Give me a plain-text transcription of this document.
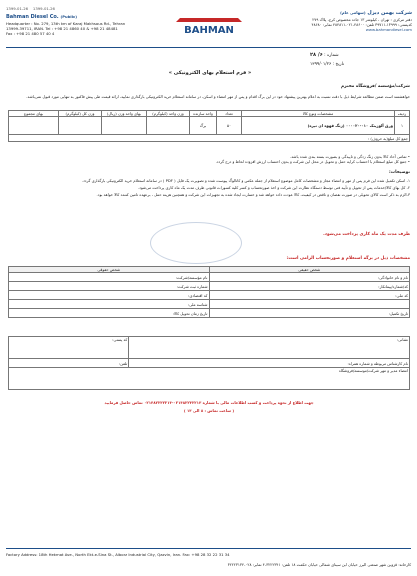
1399-01-26 1399-01-26
شرکت بهمن دیزل (سهامی عام)
دفتر مرکزی : تهران ، کیلومتر ۱۳ جاده مخصوص کرج، پلاک ۲۷۹
کدپستی: ۱۳۹۹۹-۳۹۷۱۱ تلفن: ۴۸۶۰۰-۰۲۱-۴۸۴۸۱۱ نمابر: ۴۸۶۸۰
www.bahmandiesel.com
BAHMAN
Bahman Diesel Co. (Public)
Headquarter : No. 279, 13th km of Karaj Makhsous Rd., Tehran
13999-39711, IRAN. Tel : +98 21 4860 40 & +98 21 48481
Fax : +98 21 480 57 40 4
شماره : ۶/ ۲۸
تاریخ : ۱۳۹۹/۰۱/۲۶
« فرم استعلام بهای الکترونیکی »
شرکت/مؤسسه /فروشگاه محترم
خواهشمند است ضمن مطالعه شرایط ذیل با دقت نسبت به اعلام بهترین پیشنهاد خود در این برگ اقدام و پس از مهر امضاء و اسکن، در سامانه استعلام خرید الکترونیکی بارگذاری نمایید، ارائه قیمت طی پیش فاکتور به تنهایی مورد قبول نمی‌باشد.
ردیف	مشخصات ونوع کالا	تعداد	واحد سازنده	وزن واحد (کیلوگرم)	بهای واحد وزن (ریال)	وزن کل (کیلوگرم)	بهای مجموع
۱	ورق آلوزینک ۰۱۰-۰۰۰۰۲۰ (زنگ قهوه ای تیره)	۵۰	برگ				
جمع کل مبلغ(به حروف) :							
• تمامی آحاد کالا بدون زنگ زدگی و تاپیدگی و بصورت بسته بندی شده باشد.
• جمع کل مبلغ استعلام با احتساب کرایه حمل و تحویل در محل این شرکت و بدون احتساب ارزش افزوده لحاظ و درج گردد.
توضیحات:
۱- اسکن تکمیل شده این فرم پس از مهر و امضاء مجاز و مشخصات کامل موضوع استعلام از جمله عکس و کاتالوگ پیوست شده و تصویرت یک فایل ( PDF ) در سامانه استعلام خرید الکترونیکی بارگذاری گردد.
۲- کل بهای کالا/خدمات پس از تحویل و تأیید فنی توسط دستگاه نظارت این شرکت و اخذ صورتحساب و کسر کلیه کسورات قانونی ظرف مدت یک ماه کاری پرداخت می‌شود.
۳-الزم به ذکر است کالای تحویلی در صورت نقصان و ناقض در کیفیت، کالا عودت داده خواهد شد و خسارت ایجاد شده به تجهیزات این شرکت و همچنین هزینه حمل ، برعهده تامین کننده کالا خواهد بود.
ظرف مدت یک ماه کاری پرداخت می‌شود.
مشخصات ذیل در برگه استعلام و صورتحساب الزامی است:
شخص حقیقی	شخص حقوقی
نام و نام خانوادگی:	نام مؤسسه/شرکت:
کد/شماره/پیمانکار:	شماره ثبت شرکت:
کد ملی:	کد اقتصادی:
	شناسه ملی:
تاریخ تکمیل:	تاریخ زمان تحویل کالا:
نشانی:	کد پستی:
نام کارشناس مربوطه و شماره همراه:	تلفن:
امضاء مدیر و مهر شرکت/موسسه/فروشگاه	
جهت اطلاع از نحوه پرداخت و کسب اطلاعات مالی با شماره ۰۲۱۴۸۲۲۳۲۲۱۳-۰۲۱۴۸۲۲۳۲۲۱۴ تماس حاصل فرمایید
( ساعت تماس : ۸ الی ۱۳ )
Factory Address: 18th Hekmat Ave., North Ekt-e-Sina St., Alborz Industrial City, Qazvin, Iran. Fax: +98 28 32 22 31 34
کارخانه: قزوین شهر صنعتی البرز خیابان ابن سینای شمالی خیابان حکمت ۱۸ تلفن: ۳۲۲۲۳۴۱-۴ نمابر: ۰۲۸-۳۲۲۲۳۱۳۴
